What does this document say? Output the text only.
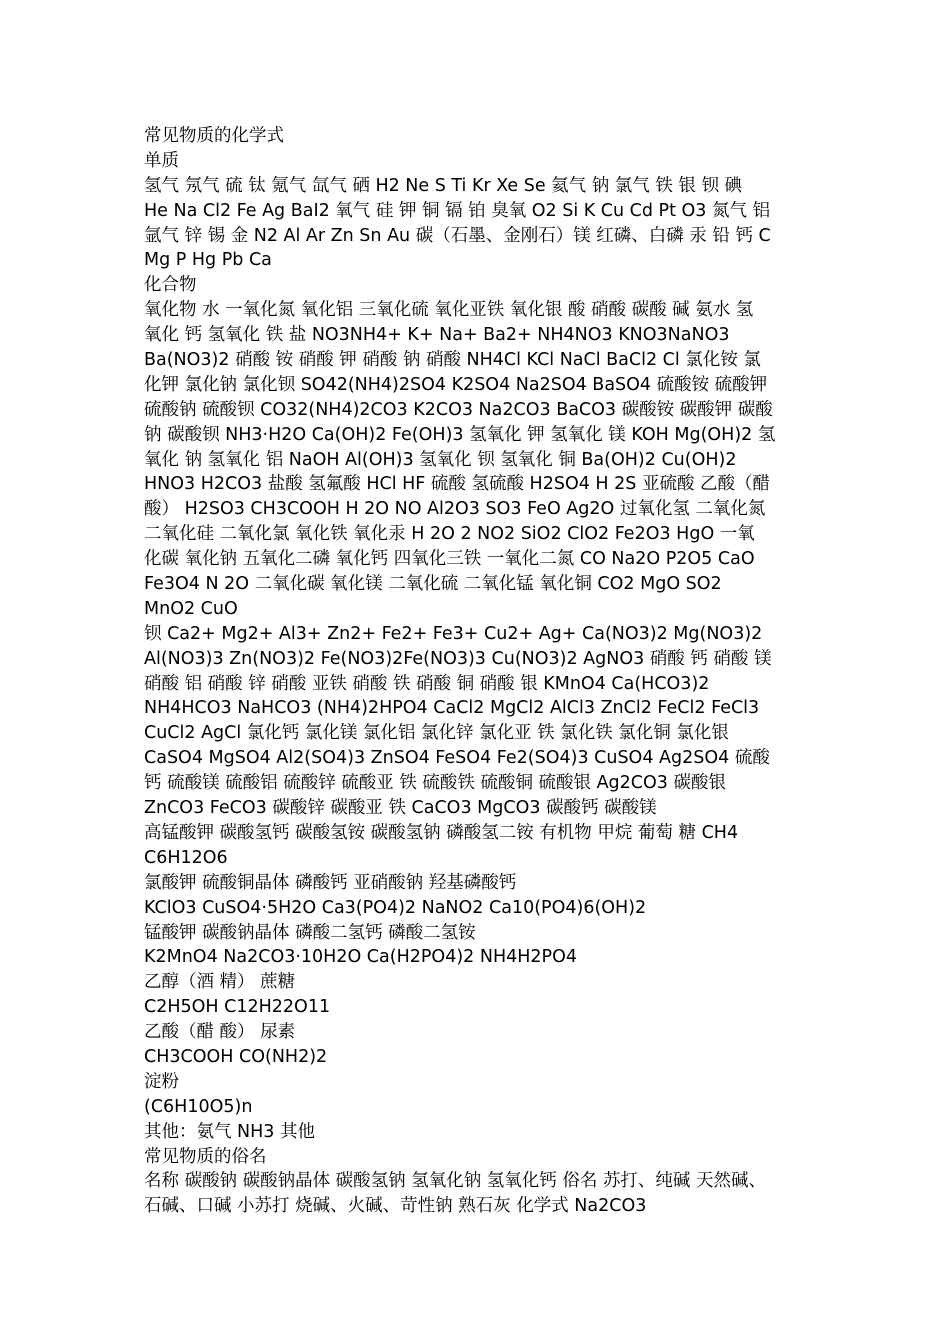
常见物质的化学式
单质
氢气 氖气 硫 钛 氪气 氙气 硒 H2 Ne S Ti Kr Xe Se 氦气 钠 氯气 铁 银 钡 碘
He Na Cl2 Fe Ag BaI2 氧气 硅 钾 铜 镉 铂 臭氧 O2 Si K Cu Cd Pt O3 氮气 铝
氩气 锌 锡 金 N2 Al Ar Zn Sn Au 碳（石墨、金刚石）镁 红磷、白磷 汞 铅 钙 C
Mg P Hg Pb Ca
化合物
氧化物 水 一氧化氮 氧化铝 三氧化硫 氧化亚铁 氧化银 酸 硝酸 碳酸 碱 氨水 氢
氧化 钙 氢氧化 铁 盐 NO3NH4+ K+ Na+ Ba2+ NH4NO3 KNO3NaNO3
Ba(NO3)2 硝酸 铵 硝酸 钾 硝酸 钠 硝酸 NH4Cl KCl NaCl BaCl2 Cl 氯化铵 氯
化钾 氯化钠 氯化钡 SO42(NH4)2SO4 K2SO4 Na2SO4 BaSO4 硫酸铵 硫酸钾
硫酸钠 硫酸钡 CO32(NH4)2CO3 K2CO3 Na2CO3 BaCO3 碳酸铵 碳酸钾 碳酸
钠 碳酸钡 NH3·H2O Ca(OH)2 Fe(OH)3 氢氧化 钾 氢氧化 镁 KOH Mg(OH)2 氢
氧化 钠 氢氧化 铝 NaOH Al(OH)3 氢氧化 钡 氢氧化 铜 Ba(OH)2 Cu(OH)2
HNO3 H2CO3 盐酸 氢氟酸 HCl HF 硫酸 氢硫酸 H2SO4 H 2S 亚硫酸 乙酸（醋
酸） H2SO3 CH3COOH H 2O NO Al2O3 SO3 FeO Ag2O 过氧化氢 二氧化氮
二氧化硅 二氧化氯 氧化铁 氧化汞 H 2O 2 NO2 SiO2 ClO2 Fe2O3 HgO 一氧
化碳 氧化钠 五氧化二磷 氧化钙 四氧化三铁 一氧化二氮 CO Na2O P2O5 CaO
Fe3O4 N 2O 二氧化碳 氧化镁 二氧化硫 二氧化锰 氧化铜 CO2 MgO SO2
MnO2 CuO
钡 Ca2+ Mg2+ Al3+ Zn2+ Fe2+ Fe3+ Cu2+ Ag+ Ca(NO3)2 Mg(NO3)2
Al(NO3)3 Zn(NO3)2 Fe(NO3)2Fe(NO3)3 Cu(NO3)2 AgNO3 硝酸 钙 硝酸 镁
硝酸 铝 硝酸 锌 硝酸 亚铁 硝酸 铁 硝酸 铜 硝酸 银 KMnO4 Ca(HCO3)2
NH4HCO3 NaHCO3 (NH4)2HPO4 CaCl2 MgCl2 AlCl3 ZnCl2 FeCl2 FeCl3
CuCl2 AgCl 氯化钙 氯化镁 氯化铝 氯化锌 氯化亚 铁 氯化铁 氯化铜 氯化银
CaSO4 MgSO4 Al2(SO4)3 ZnSO4 FeSO4 Fe2(SO4)3 CuSO4 Ag2SO4 硫酸
钙 硫酸镁 硫酸铝 硫酸锌 硫酸亚 铁 硫酸铁 硫酸铜 硫酸银 Ag2CO3 碳酸银
ZnCO3 FeCO3 碳酸锌 碳酸亚 铁 CaCO3 MgCO3 碳酸钙 碳酸镁
高锰酸钾 碳酸氢钙 碳酸氢铵 碳酸氢钠 磷酸氢二铵 有机物 甲烷 葡萄 糖 CH4
C6H12O6
氯酸钾 硫酸铜晶体 磷酸钙 亚硝酸钠 羟基磷酸钙
KClO3 CuSO4·5H2O Ca3(PO4)2 NaNO2 Ca10(PO4)6(OH)2
锰酸钾 碳酸钠晶体 磷酸二氢钙 磷酸二氢铵
K2MnO4 Na2CO3·10H2O Ca(H2PO4)2 NH4H2PO4
乙醇（酒 精） 蔗糖
C2H5OH C12H22O11
乙酸（醋 酸） 尿素
CH3COOH CO(NH2)2
淀粉
(C6H10O5)n
其他：氨气 NH3 其他
常见物质的俗名
名称 碳酸钠 碳酸钠晶体 碳酸氢钠 氢氧化钠 氢氧化钙 俗名 苏打、纯碱 天然碱、
石碱、口碱 小苏打 烧碱、火碱、苛性钠 熟石灰 化学式 Na2CO3
